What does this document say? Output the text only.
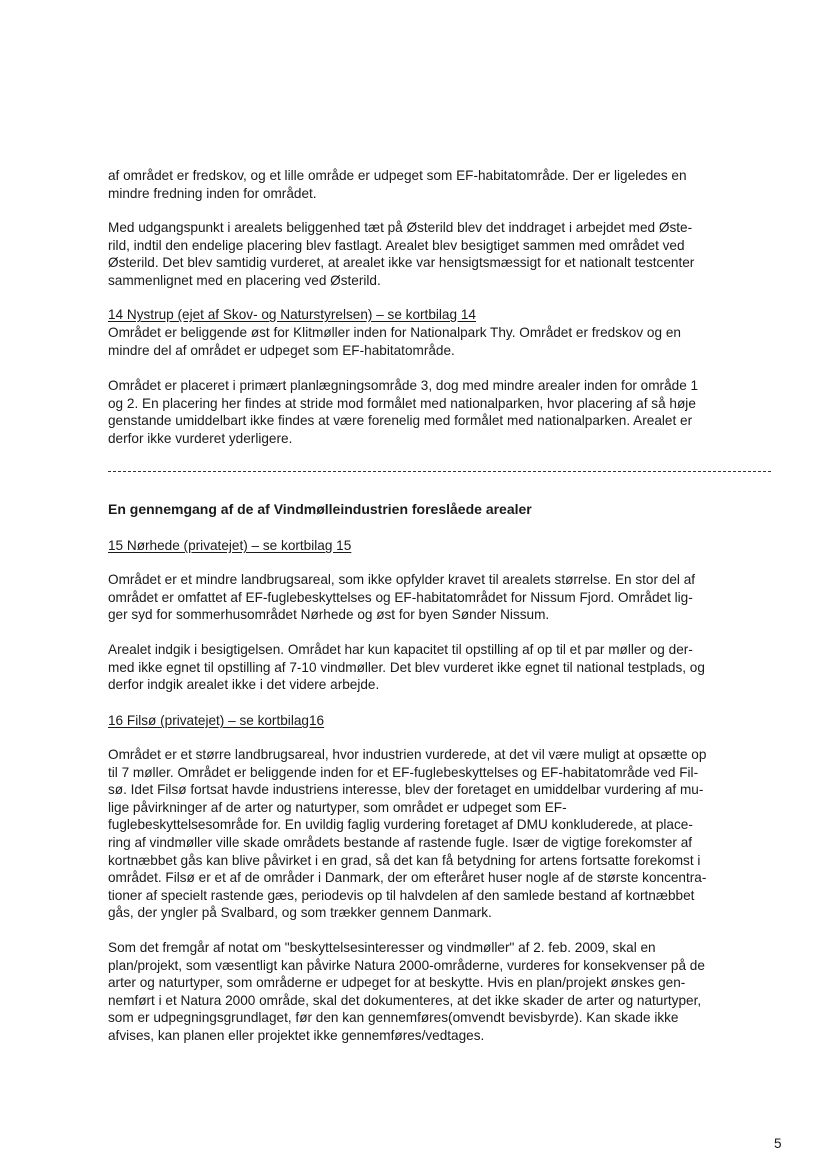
af området er fredskov, og et lille område er udpeget som EF-habitatområde. Der er ligeledes en
mindre fredning inden for området.
Med udgangspunkt i arealets beliggenhed tæt på Østerild blev det inddraget i arbejdet med Øste-
rild, indtil den endelige placering blev fastlagt. Arealet blev besigtiget sammen med området ved
Østerild. Det blev samtidig vurderet, at arealet ikke var hensigtsmæssigt for et nationalt testcenter
sammenlignet med en placering ved Østerild.
14 Nystrup (ejet af Skov- og Naturstyrelsen) – se kortbilag 14
Området er beliggende øst for Klitmøller inden for Nationalpark Thy. Området er fredskov og en
mindre del af området er udpeget som EF-habitatområde.
Området er placeret i primært planlægningsområde 3, dog med mindre arealer inden for område 1
og 2. En placering her findes at stride mod formålet med nationalparken, hvor placering af så høje
genstande umiddelbart ikke findes at være forenelig med formålet med nationalparken. Arealet er
derfor ikke vurderet yderligere.
En gennemgang af de af Vindmølleindustrien foreslåede arealer
15 Nørhede (privatejet) – se kortbilag 15
Området er et mindre landbrugsareal, som ikke opfylder kravet til arealets størrelse. En stor del af
området er omfattet af EF-fuglebeskyttelses og EF-habitatområdet for Nissum Fjord. Området lig-
ger syd for sommerhusområdet Nørhede og øst for byen Sønder Nissum.
Arealet indgik i besigtigelsen. Området har kun kapacitet til opstilling af op til et par møller og der-
med ikke egnet til opstilling af 7-10 vindmøller. Det blev vurderet ikke egnet til national testplads, og
derfor indgik arealet ikke i det videre arbejde.
16 Filsø (privatejet) – se kortbilag16
Området er et større landbrugsareal, hvor industrien vurderede, at det vil være muligt at opsætte op
til 7 møller. Området er beliggende inden for et EF-fuglebeskyttelses og EF-habitatområde ved Fil-
sø. Idet Filsø fortsat havde industriens interesse, blev der foretaget en umiddelbar vurdering af mu-
lige påvirkninger af de arter og naturtyper, som området er udpeget som EF-
fuglebeskyttelsesområde for. En uvildig faglig vurdering foretaget af DMU konkluderede, at place-
ring af vindmøller ville skade områdets bestande af rastende fugle. Især de vigtige forekomster af
kortnæbbet gås kan blive påvirket i en grad, så det kan få betydning for artens fortsatte forekomst i
området. Filsø er et af de områder i Danmark, der om efteråret huser nogle af de største koncentra-
tioner af specielt rastende gæs, periodevis op til halvdelen af den samlede bestand af kortnæbbet
gås, der yngler på Svalbard, og som trækker gennem Danmark.
Som det fremgår af notat om "beskyttelsesinteresser og vindmøller" af 2. feb. 2009, skal en
plan/projekt, som væsentligt kan påvirke Natura 2000-områderne, vurderes for konsekvenser på de
arter og naturtyper, som områderne er udpeget for at beskytte. Hvis en plan/projekt ønskes gen-
nemført i et Natura 2000 område, skal det dokumenteres, at det ikke skader de arter og naturtyper,
som er udpegningsgrundlaget, før den kan gennemføres(omvendt bevisbyrde). Kan skade ikke
afvises, kan planen eller projektet ikke gennemføres/vedtages.
5
